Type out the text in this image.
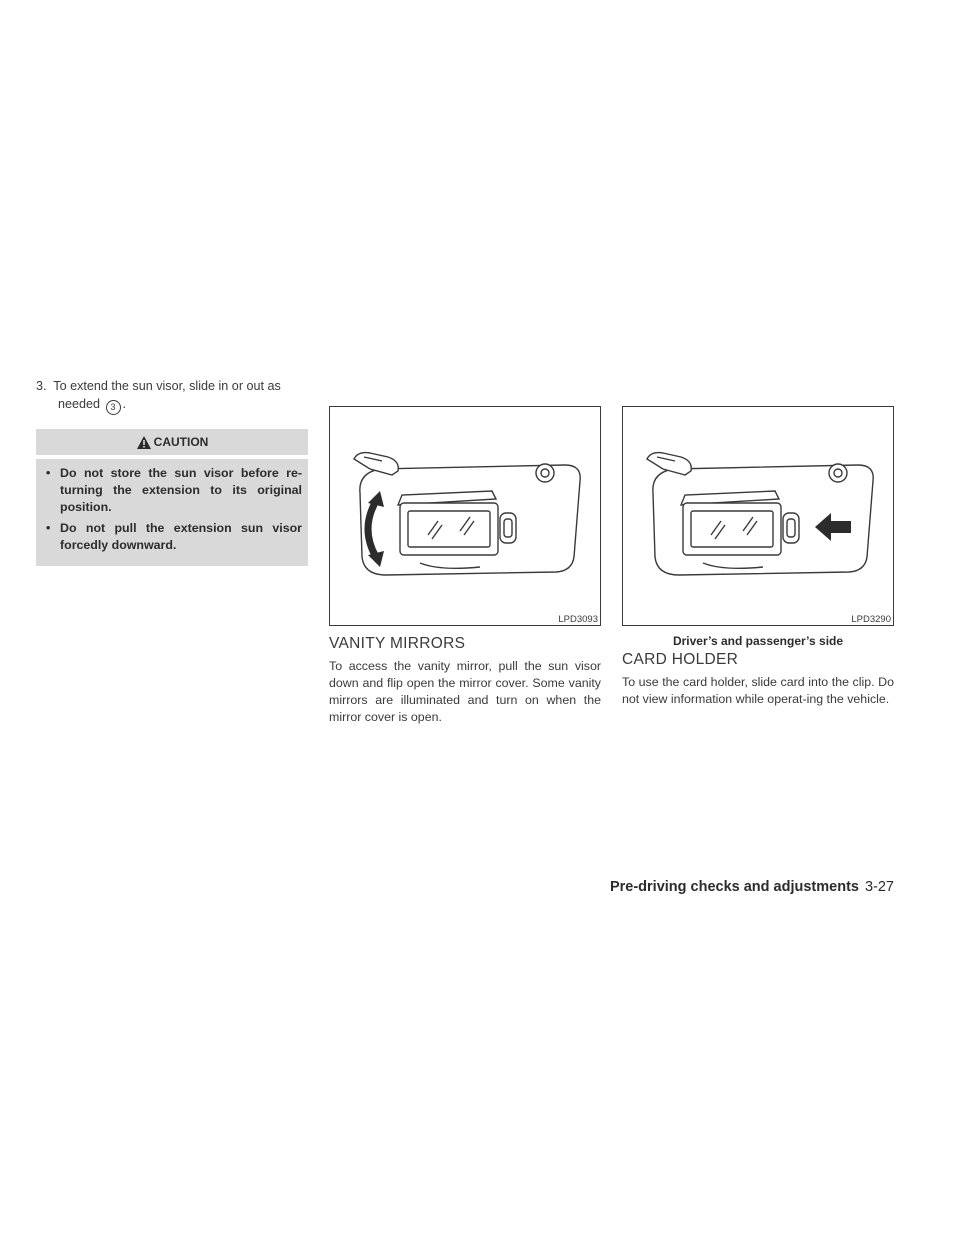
3. To extend the sun visor, slide in or out as needed 3 .
CAUTION
• Do not store the sun visor before re-turning the extension to its original position.
• Do not pull the extension sun visor forcedly downward.
LPD3093	LPD3290
VANITY MIRRORS

To access the vanity mirror, pull the sun visor down and flip open the mirror cover. Some vanity mirrors are illuminated and turn on when the mirror cover is open.

Driver’s and passenger’s side
CARD HOLDER

To use the card holder, slide card into the clip. Do not view information while operat-ing the vehicle.

Pre-driving checks and adjustments 3-27
